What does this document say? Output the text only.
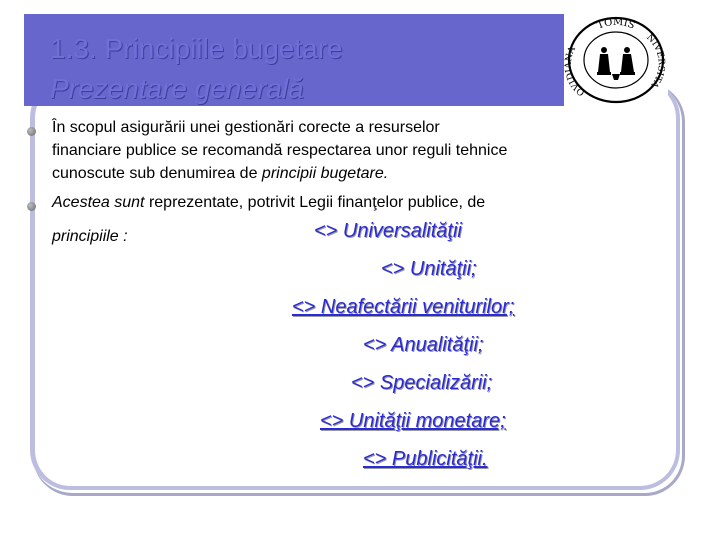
1.3. Principiile bugetare
Prezentare generală
TOMIS
OVIDIANA
NIVERSITA
În scopul asigurării unei gestionări corecte a resurselor
financiare publice se recomandă respectarea unor reguli tehnice
cunoscute sub denumirea de principii bugetare.
Acestea sunt reprezentate, potrivit Legii finanţelor publice, de
principiile :	<> Universalităţii
<> Unităţii;
<> Neafectării veniturilor;
<> Anualităţii;
<> Specializării;
<> Unităţii monetare;
<> Publicităţii.
